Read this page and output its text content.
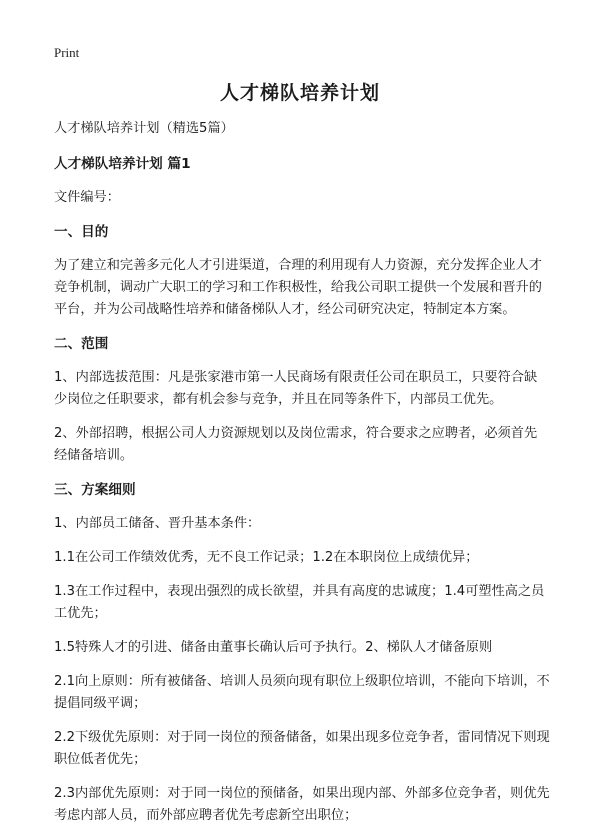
Print
人才梯队培养计划

人才梯队培养计划（精选5篇）

人才梯队培养计划 篇1

文件编号：

一、目的

为了建立和完善多元化人才引进渠道，合理的利用现有人力资源，充分发挥企业人才竞争机制，调动广大职工的学习和工作积极性，给我公司职工提供一个发展和晋升的平台，并为公司战略性培养和储备梯队人才，经公司研究决定，特制定本方案。

二、范围

1、内部选拔范围：凡是张家港市第一人民商场有限责任公司在职员工，只要符合缺少岗位之任职要求，都有机会参与竞争，并且在同等条件下，内部员工优先。

2、外部招聘，根据公司人力资源规划以及岗位需求，符合要求之应聘者，必须首先经储备培训。

三、方案细则

1、内部员工储备、晋升基本条件：

1.1在公司工作绩效优秀，无不良工作记录；1.2在本职岗位上成绩优异；

1.3在工作过程中，表现出强烈的成长欲望，并具有高度的忠诚度；1.4可塑性高之员工优先；

1.5特殊人才的引进、储备由董事长确认后可予执行。2、梯队人才储备原则

2.1向上原则：所有被储备、培训人员须向现有职位上级职位培训，不能向下培训，不提倡同级平调；

2.2下级优先原则：对于同一岗位的预备储备，如果出现多位竞争者，雷同情况下则现职位低者优先；

2.3内部优先原则：对于同一岗位的预储备，如果出现内部、外部多位竞争者，则优先考虑内部人员，而外部应聘者优先考虑新空出职位；
